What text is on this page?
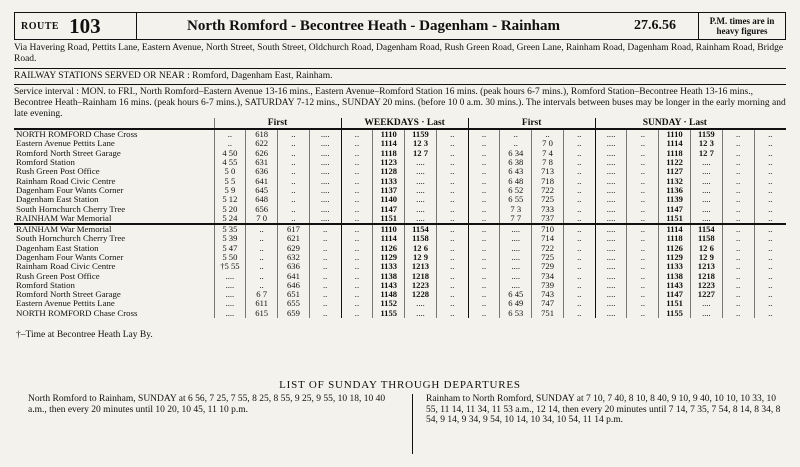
ROUTE 103	North Romford - Becontree Heath - Dagenham - Rainham	27.6.56	P.M. times are in heavy figures
Via Havering Road, Pettits Lane, Eastern Avenue, North Street, South Street, Oldchurch Road, Dagenham Road, Rush Green Road, Green Lane, Rainham Road, Dagenham Road, Rainham Road, Bridge Road.
RAILWAY STATIONS SERVED OR NEAR : Romford, Dagenham East, Rainham.
Service interval : MON. to FRI., North Romford–Eastern Avenue 13-16 mins., Eastern Avenue–Romford Station 16 mins. (peak hours 6-7 mins.), Romford Station–Becontree Heath 13-16 mins., Becontree Heath–Rainham 16 mins. (peak hours 6-7 mins.), SATURDAY 7-12 mins., SUNDAY 20 mins. (before 10 0 a.m. 30 mins.). The intervals between buses may be longer in the early morning and late evening.
	First				WEEKDAYS · Last				First				SUNDAY · Last					
NORTH ROMFORD Chase Cross	..	618	..	....	..	1110	1159	..	..	..	..	..	....	..	1110	1159	..	..
Eastern Avenue Pettits Lane	..	622	..	....	..	1114	12 3	..	..	..	7 0	..	....	..	1114	12 3	..	..
Romford North Street Garage	4 50	626	..	....	..	1118	12 7	..	..	6 34	7 4	..	....	..	1118	12 7	..	..
Romford Station	4 55	631	..	....	..	1123	....	..	..	6 38	7 8	..	....	..	1122	....	..	..
Rush Green Post Office	5 0	636	..	....	..	1128	....	..	..	6 43	713	..	....	..	1127	....	..	..
Rainham Road Civic Centre	5 5	641	..	....	..	1133	....	..	..	6 48	718	..	....	..	1132	....	..	..
Dagenham Four Wants Corner	5 9	645	..	....	..	1137	....	..	..	6 52	722	..	....	..	1136	....	..	..
Dagenham East Station	5 12	648	..	....	..	1140	....	..	..	6 55	725	..	....	..	1139	....	..	..
South Hornchurch Cherry Tree	5 20	656	..	....	..	1147	....	..	..	7 3	733	..	....	..	1147	....	..	..
RAINHAM War Memorial	5 24	7 0	..	....	..	1151	....	..	..	7 7	737	..	....	..	1151	....	..	..
RAINHAM War Memorial	5 35	..	617	..	..	1110	1154	..	..	....	710	..	....	..	1114	1154	..	..
South Hornchurch Cherry Tree	5 39	..	621	..	..	1114	1158	..	..	....	714	..	....	..	1118	1158	..	..
Dagenham East Station	5 47	..	629	..	..	1126	12 6	..	..	....	722	..	....	..	1126	12 6	..	..
Dagenham Four Wants Corner	5 50	..	632	..	..	1129	12 9	..	..	....	725	..	....	..	1129	12 9	..	..
Rainham Road Civic Centre	†5 55	..	636	..	..	1133	1213	..	..	....	729	..	....	..	1133	1213	..	..
Rush Green Post Office	....	..	641	..	..	1138	1218	..	..	....	734	..	....	..	1138	1218	..	..
Romford Station	....	..	646	..	..	1143	1223	..	..	....	739	..	....	..	1143	1223	..	..
Romford North Street Garage	....	6 7	651	..	..	1148	1228	..	..	6 45	743	..	....	..	1147	1227	..	..
Eastern Avenue Pettits Lane	....	611	655	..	..	1152	....	..	..	6 49	747	..	....	..	1151	....	..	..
NORTH ROMFORD Chase Cross	....	615	659	..	..	1155	....	..	..	6 53	751	..	....	..	1155	....	..	..
†–Time at Becontree Heath Lay By.
LIST OF SUNDAY THROUGH DEPARTURES
North Romford to Rainham, SUNDAY at 6 56, 7 25, 7 55, 8 25, 8 55, 9 25, 9 55, 10 18, 10 40 a.m., then every 20 minutes until 10 20, 10 45, 11 10 p.m.
Rainham to North Romford, SUNDAY at 7 10, 7 40, 8 10, 8 40, 9 10, 9 40, 10 10, 10 33, 10 55, 11 14, 11 34, 11 53 a.m., 12 14, then every 20 minutes until 7 14, 7 35, 7 54, 8 14, 8 34, 8 54, 9 14, 9 34, 9 54, 10 14, 10 34, 10 54, 11 14 p.m.
